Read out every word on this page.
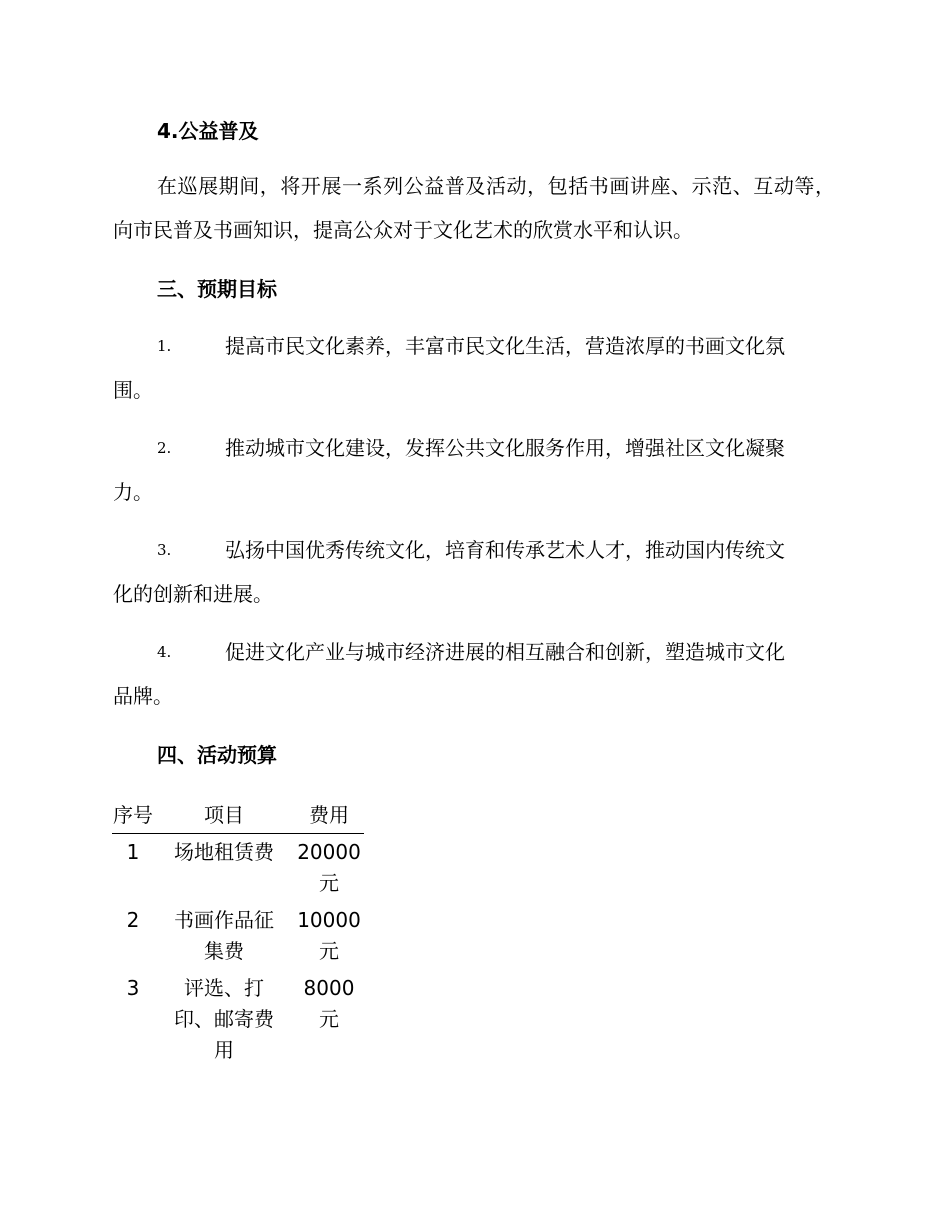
4.公益普及
在巡展期间，将开展一系列公益普及活动，包括书画讲座、示范、互动等，向市民普及书画知识，提高公众对于文化艺术的欣赏水平和认识。
三、预期目标
1.	提高市民文化素养，丰富市民文化生活，营造浓厚的书画文化氛
围。
2.	推动城市文化建设，发挥公共文化服务作用，增强社区文化凝聚
力。
3.	弘扬中国优秀传统文化，培育和传承艺术人才，推动国内传统文
化的创新和进展。
4.	促进文化产业与城市经济进展的相互融合和创新，塑造城市文化
品牌。
四、活动预算
序号	项目	费用
1	场地租赁费	20000元
2	书画作品征集费	10000元
3	评选、打印、邮寄费用	8000元
